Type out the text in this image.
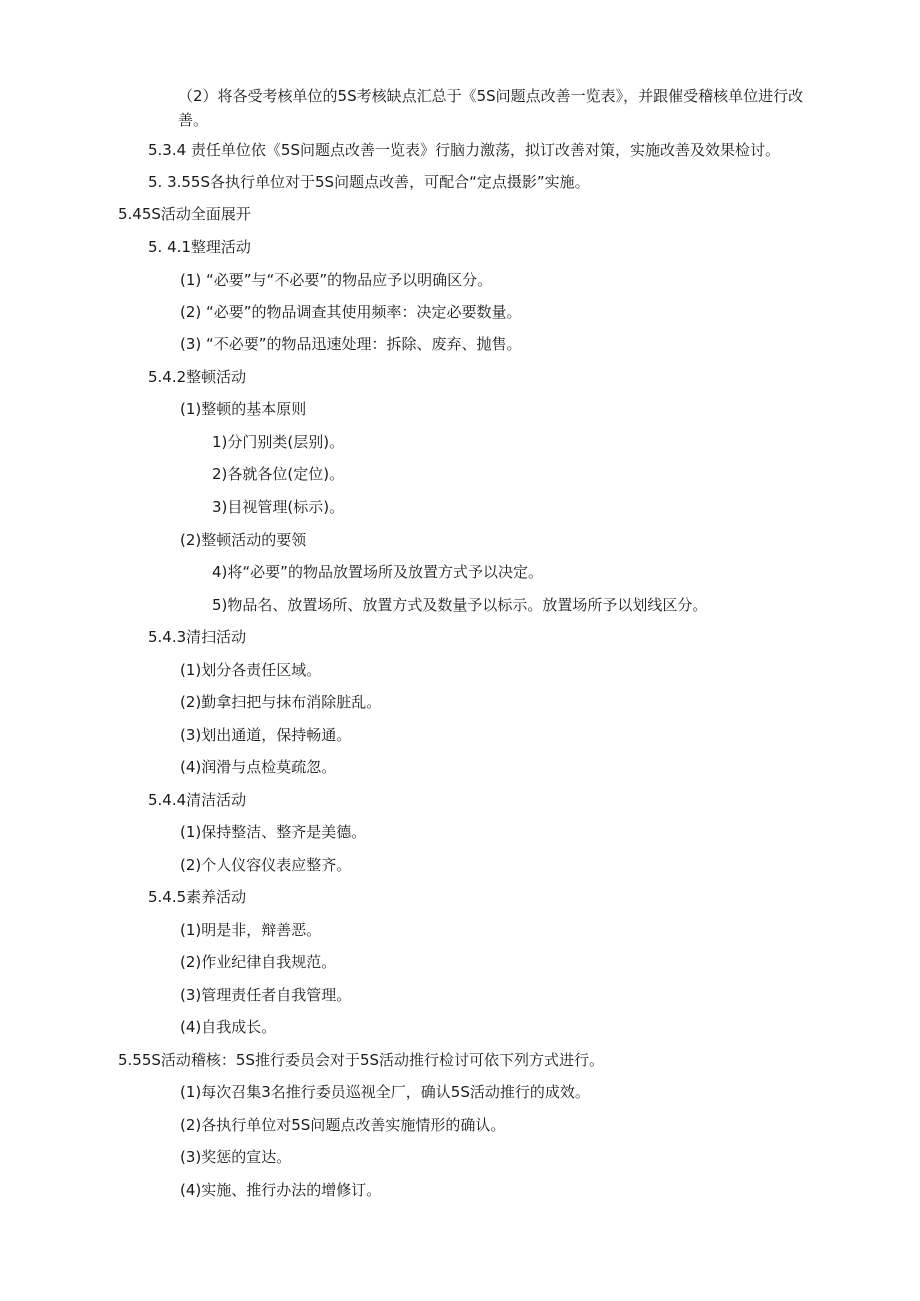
（2）将各受考核单位的5S考核缺点汇总于《5S问题点改善一览表》，并跟催受稽核单位进行改善。
5.3.4 责任单位依《5S问题点改善一览表》行脑力激荡，拟订改善对策，实施改善及效果检讨。
5. 3.55S各执行单位对于5S问题点改善，可配合“定点摄影”实施。
5.45S活动全面展开
5. 4.1整理活动
(1) “必要”与“不必要”的物品应予以明确区分。
(2) “必要”的物品调查其使用频率：决定必要数量。
(3) “不必要”的物品迅速处理：拆除、废弃、抛售。
5.4.2整顿活动
(1)整顿的基本原则
1)分门别类(层别)。
2)各就各位(定位)。
3)目视管理(标示)。
(2)整顿活动的要领
4)将“必要”的物品放置场所及放置方式予以决定。
5)物品名、放置场所、放置方式及数量予以标示。放置场所予以划线区分。
5.4.3清扫活动
(1)划分各责任区域。
(2)勤拿扫把与抹布消除脏乱。
(3)划出通道，保持畅通。
(4)润滑与点检莫疏忽。
5.4.4清洁活动
(1)保持整洁、整齐是美德。
(2)个人仪容仪表应整齐。
5.4.5素养活动
(1)明是非，辩善恶。
(2)作业纪律自我规范。
(3)管理责任者自我管理。
(4)自我成长。
5.55S活动稽核：5S推行委员会对于5S活动推行检讨可依下列方式进行。
(1)每次召集3名推行委员巡视全厂，确认5S活动推行的成效。
(2)各执行单位对5S问题点改善实施情形的确认。
(3)奖惩的宣达。
(4)实施、推行办法的增修订。
